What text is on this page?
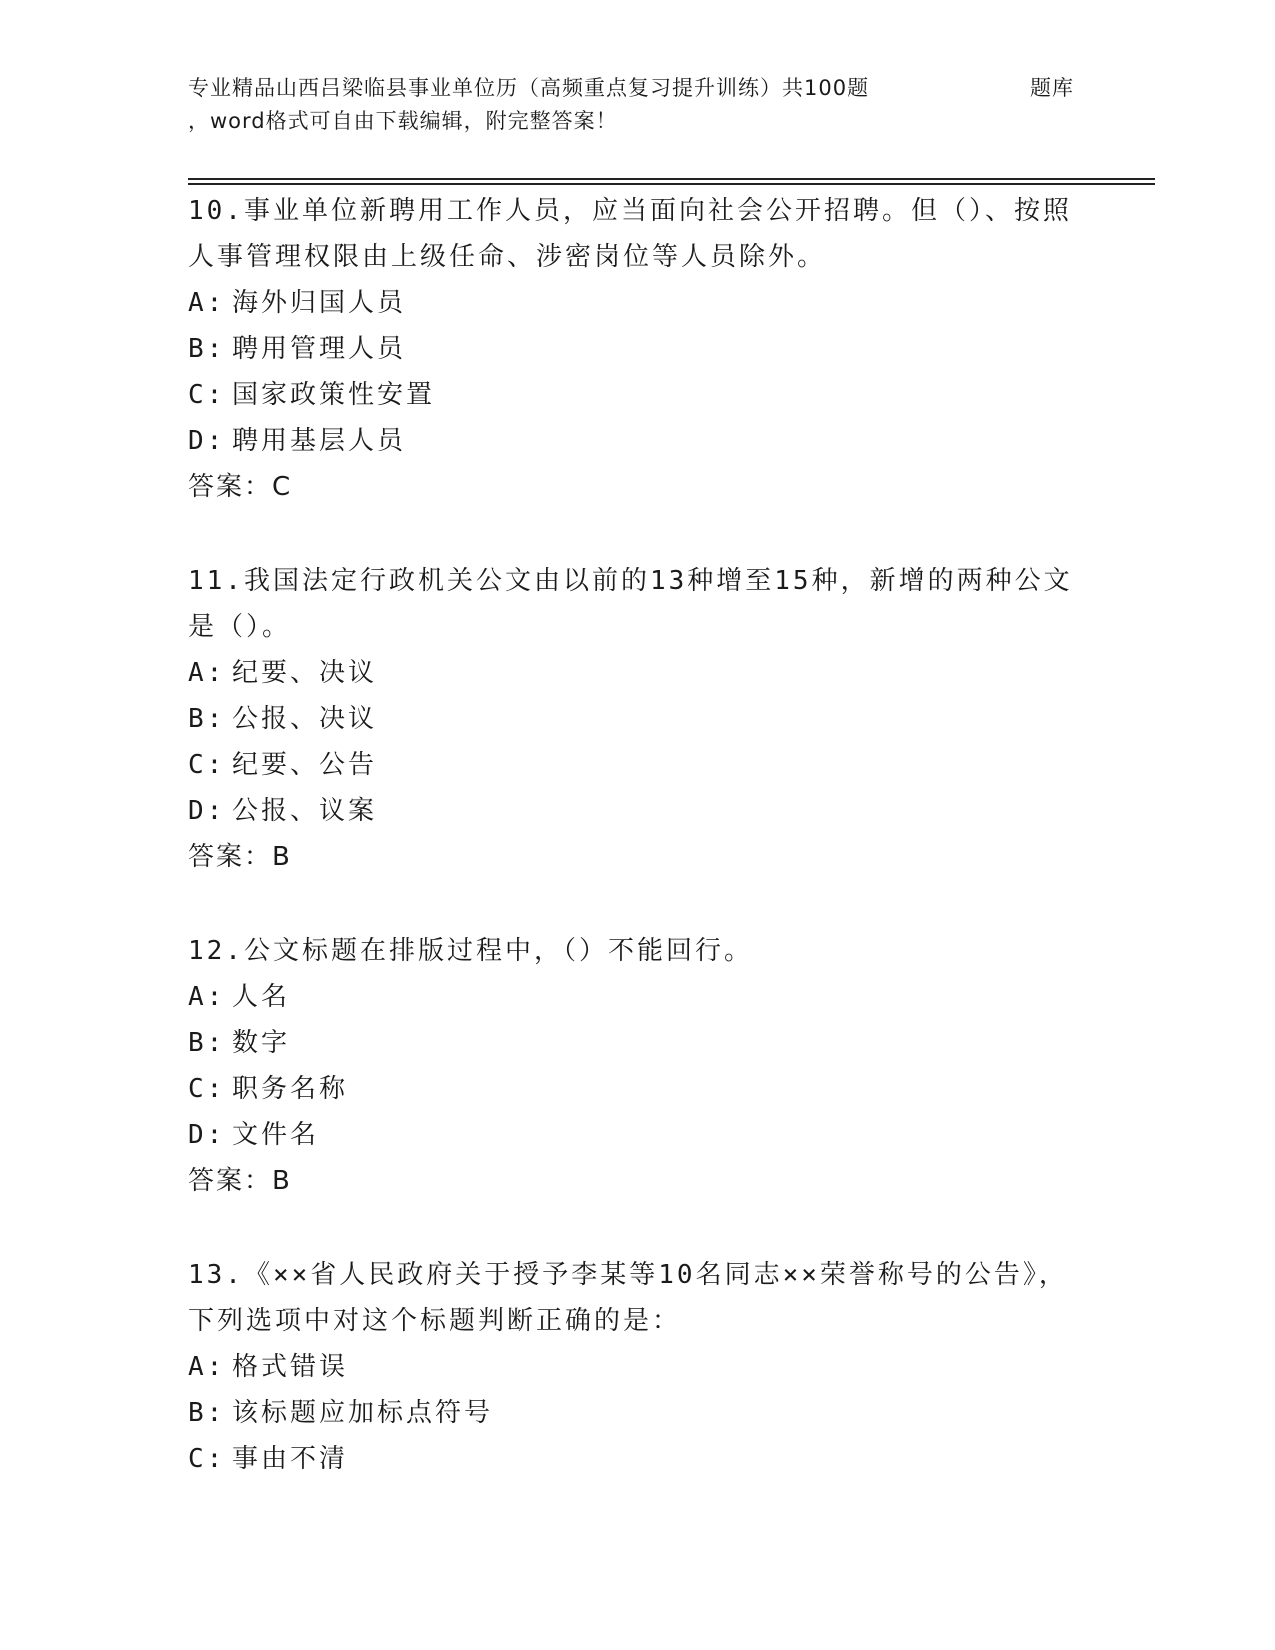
专业精品山西吕梁临县事业单位历（高频重点复习提升训练）共100题	题库
，word格式可自由下载编辑，附完整答案！
10.事业单位新聘用工作人员，应当面向社会公开招聘。但（）、按照人事管理权限由上级任命、涉密岗位等人员除外。
A: 海外归国人员
B: 聘用管理人员
C: 国家政策性安置
D: 聘用基层人员
答案：C
11.我国法定行政机关公文由以前的13种增至15种，新增的两种公文是（）。
A: 纪要、决议
B: 公报、决议
C: 纪要、公告
D: 公报、议案
答案：B
12.公文标题在排版过程中，（）不能回行。
A: 人名
B: 数字
C: 职务名称
D: 文件名
答案：B
13.《××省人民政府关于授予李某等10名同志××荣誉称号的公告》，下列选项中对这个标题判断正确的是：
A: 格式错误
B: 该标题应加标点符号
C: 事由不清
